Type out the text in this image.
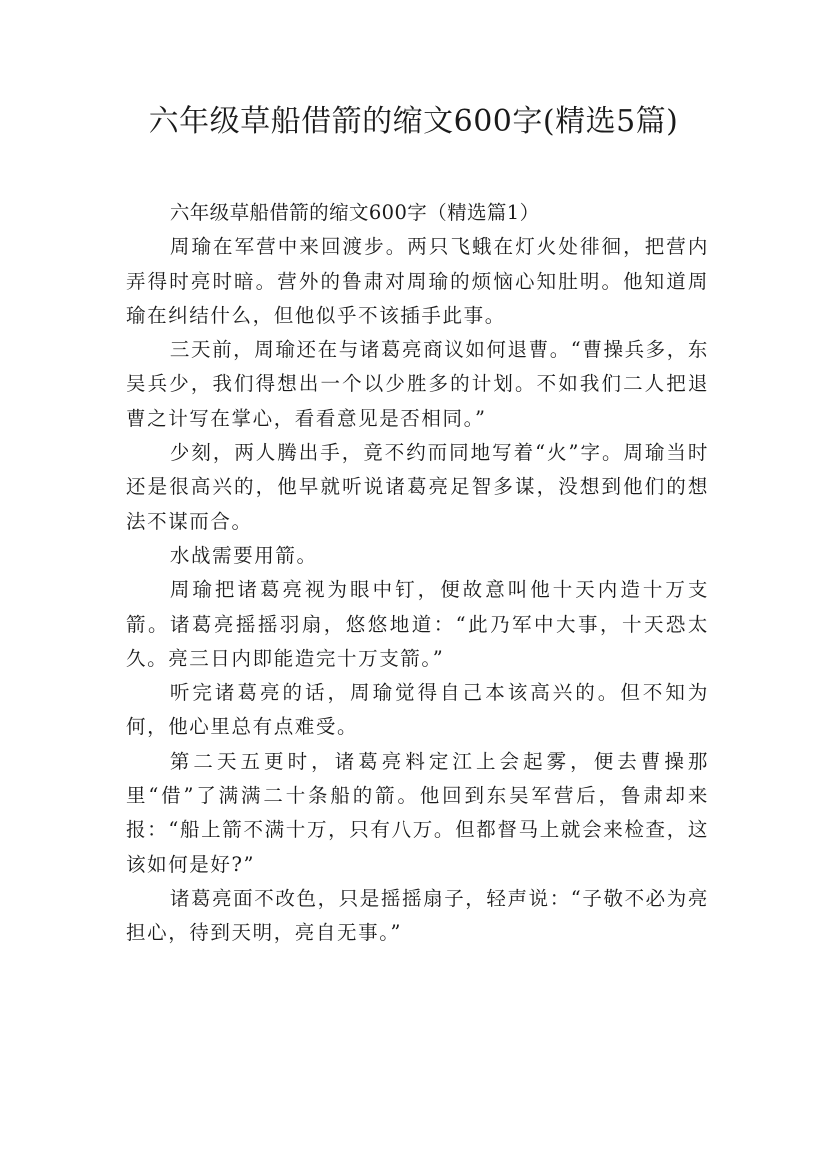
六年级草船借箭的缩文600字(精选5篇)

六年级草船借箭的缩文600字（精选篇1）

周瑜在军营中来回渡步。两只飞蛾在灯火处徘徊，把营内弄得时亮时暗。营外的鲁肃对周瑜的烦恼心知肚明。他知道周瑜在纠结什么，但他似乎不该插手此事。

三天前，周瑜还在与诸葛亮商议如何退曹。“曹操兵多，东吴兵少，我们得想出一个以少胜多的计划。不如我们二人把退曹之计写在掌心，看看意见是否相同。”

少刻，两人腾出手，竟不约而同地写着“火”字。周瑜当时还是很高兴的，他早就听说诸葛亮足智多谋，没想到他们的想法不谋而合。

水战需要用箭。

周瑜把诸葛亮视为眼中钉，便故意叫他十天内造十万支箭。诸葛亮摇摇羽扇，悠悠地道：“此乃军中大事，十天恐太久。亮三日内即能造完十万支箭。”

听完诸葛亮的话，周瑜觉得自己本该高兴的。但不知为何，他心里总有点难受。

第二天五更时，诸葛亮料定江上会起雾，便去曹操那里“借”了满满二十条船的箭。他回到东吴军营后，鲁肃却来报：“船上箭不满十万，只有八万。但都督马上就会来检查，这该如何是好?”

诸葛亮面不改色，只是摇摇扇子，轻声说：“子敬不必为亮担心，待到天明，亮自无事。”
